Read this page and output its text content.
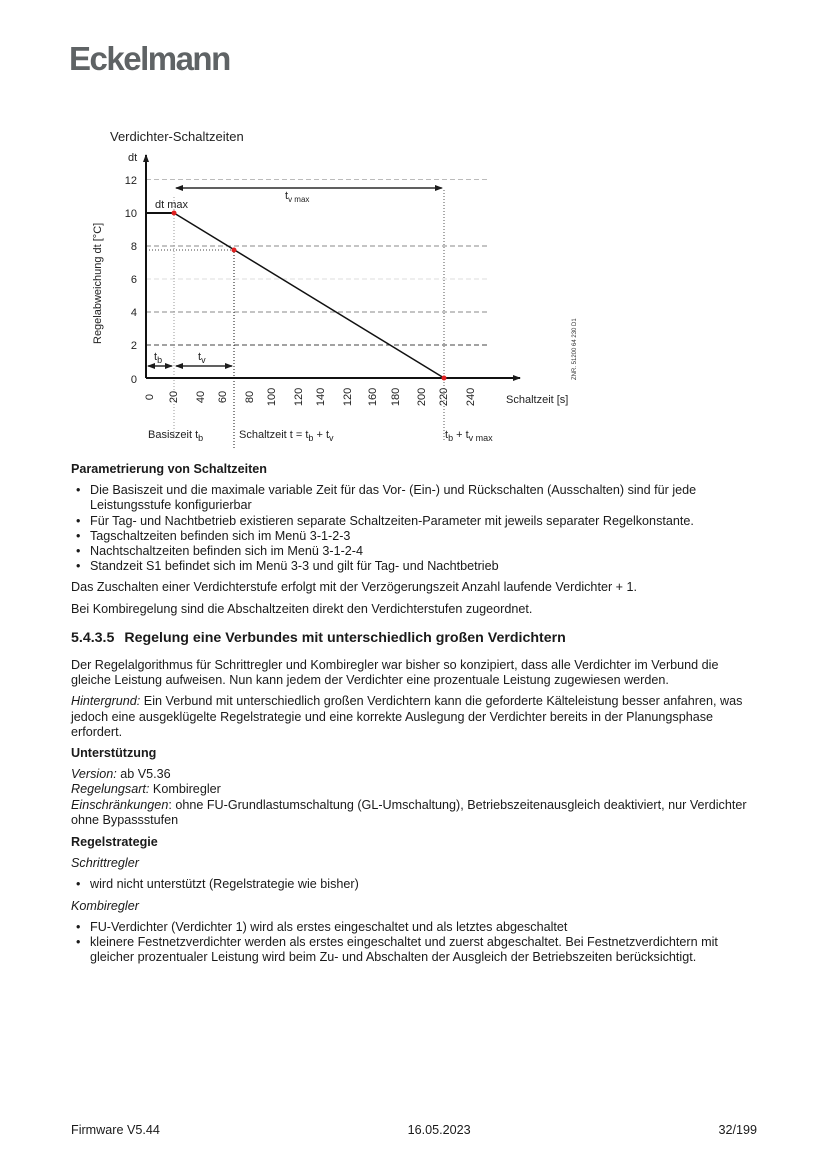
Eckelmann
Verdichter-Schaltzeiten
Regelabweichung dt [°C]
dt
0
2
4
6
8
10
12
dt max
$t_{v max}$
$t_b$	$t_v$
0 20 40 60 80 100 120 140 120 160 180 200 220 240	Schaltzeit [s]
ZNR. 51200 64 230 D1
Basiszeit $t_b$	Schaltzeit $t = t_b + t_v$	$t_b + t_{v max}$

Parametrierung von Schaltzeiten

• Die Basiszeit und die maximale variable Zeit für das Vor- (Ein-) und Rückschalten (Ausschalten) sind für jede Leistungsstufe konfigurierbar
• Für Tag- und Nachtbetrieb existieren separate Schaltzeiten-Parameter mit jeweils separater Regelkonstante.
• Tagschaltzeiten befinden sich im Menü 3-1-2-3
• Nachtschaltzeiten befinden sich im Menü 3-1-2-4
• Standzeit S1 befindet sich im Menü 3-3 und gilt für Tag- und Nachtbetrieb

Das Zuschalten einer Verdichterstufe erfolgt mit der Verzögerungszeit Anzahl laufende Verdichter + 1.

Bei Kombiregelung sind die Abschaltzeiten direkt den Verdichterstufen zugeordnet.

5.4.3.5 Regelung eine Verbundes mit unterschiedlich großen Verdichtern

Der Regelalgorithmus für Schrittregler und Kombiregler war bisher so konzipiert, dass alle Verdichter im Verbund die gleiche Leistung aufweisen. Nun kann jedem der Verdichter eine prozentuale Leistung zugewiesen werden.

Hintergrund: Ein Verbund mit unterschiedlich großen Verdichtern kann die geforderte Kälteleistung besser anfahren, was jedoch eine ausgeklügelte Regelstrategie und eine korrekte Auslegung der Verdichter bereits in der Planungsphase erfordert.

Unterstützung

Version: ab V5.36
Regelungsart: Kombiregler
Einschränkungen: ohne FU-Grundlastumschaltung (GL-Umschaltung), Betriebszeitenausgleich deaktiviert, nur Verdichter ohne Bypassstufen

Regelstrategie

Schrittregler

• wird nicht unterstützt (Regelstrategie wie bisher)

Kombiregler

• FU-Verdichter (Verdichter 1) wird als erstes eingeschaltet und als letztes abgeschaltet
• kleinere Festnetzverdichter werden als erstes eingeschaltet und zuerst abgeschaltet. Bei Festnetzverdichtern mit gleicher prozentualer Leistung wird beim Zu- und Abschalten der Ausgleich der Betriebszeiten berücksichtigt.
Firmware V5.44	16.05.2023	32/199
